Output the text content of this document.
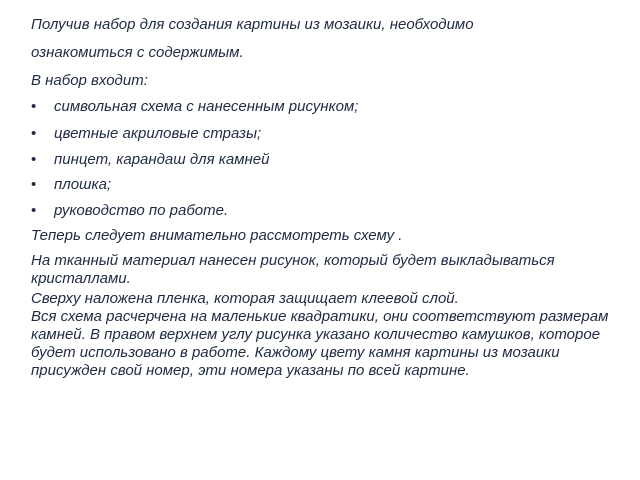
Получив набор для создания картины из мозаики, необходимо
ознакомиться с содержимым.
В набор входит:
• символьная схема с нанесенным рисунком;
• цветные акриловые стразы;
• пинцет, карандаш для камней
• плошка;
• руководство по работе.
Теперь следует внимательно рассмотреть схему .
На тканный материал нанесен рисунок, который будет выкладываться кристаллами.
Сверху наложена пленка, которая защищает клеевой слой.
Вся схема расчерчена на маленькие квадратики, они соответствуют размерам камней. В правом верхнем углу рисунка указано количество камушков, которое будет использовано в работе. Каждому цвету камня картины из мозаики присужден свой номер, эти номера указаны по всей картине.
